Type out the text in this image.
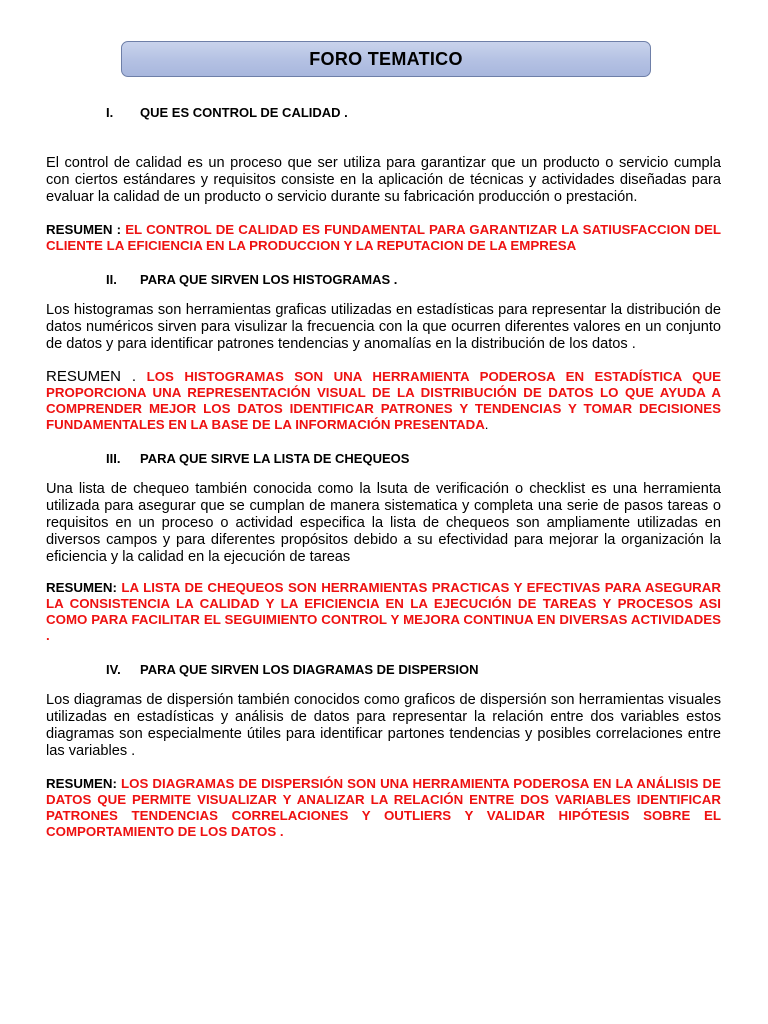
FORO TEMATICO
I.	QUE ES CONTROL DE CALIDAD .

El control de calidad es un proceso que ser utiliza para garantizar que un producto o servicio cumpla con ciertos estándares y requisitos consiste en la aplicación de técnicas y actividades diseñadas para evaluar la calidad de un producto o servicio durante su fabricación producción o prestación.

RESUMEN : EL CONTROL DE CALIDAD ES FUNDAMENTAL PARA GARANTIZAR LA SATIUSFACCION DEL CLIENTE LA EFICIENCIA EN LA PRODUCCION Y LA REPUTACION DE LA EMPRESA

II.	PARA QUE SIRVEN LOS HISTOGRAMAS .

Los histogramas son herramientas graficas utilizadas en estadísticas para representar la distribución de datos numéricos sirven para visulizar la frecuencia con la que ocurren diferentes valores en un conjunto de datos y para identificar patrones tendencias y anomalías en la distribución de los datos .

RESUMEN . LOS HISTOGRAMAS SON UNA HERRAMIENTA PODEROSA EN ESTADÍSTICA QUE PROPORCIONA UNA REPRESENTACIÓN VISUAL DE LA DISTRIBUCIÓN DE DATOS LO QUE AYUDA A COMPRENDER MEJOR LOS DATOS IDENTIFICAR PATRONES Y TENDENCIAS Y TOMAR DECISIONES FUNDAMENTALES EN LA BASE DE LA INFORMACIÓN PRESENTADA.

III.	PARA QUE SIRVE LA LISTA DE CHEQUEOS

Una lista de chequeo también conocida como la lsuta de verificación o checklist es una herramienta utilizada para asegurar que se cumplan de manera sistematica y completa una serie de pasos tareas o requisitos en un proceso o actividad especifica la lista de chequeos son ampliamente utilizadas en diversos campos y para diferentes propósitos debido a su efectividad para mejorar la organización la eficiencia y la calidad en la ejecución de tareas

RESUMEN: LA LISTA DE CHEQUEOS SON HERRAMIENTAS PRACTICAS Y EFECTIVAS PARA ASEGURAR LA CONSISTENCIA LA CALIDAD Y LA EFICIENCIA EN LA EJECUCIÓN DE TAREAS Y PROCESOS ASI COMO PARA FACILITAR EL SEGUIMIENTO CONTROL Y MEJORA CONTINUA EN DIVERSAS ACTIVIDADES .

IV.	PARA QUE SIRVEN LOS DIAGRAMAS DE DISPERSION

Los diagramas de dispersión también conocidos como graficos de dispersión son herramientas visuales utilizadas en estadísticas y análisis de datos para representar la relación entre dos variables estos diagramas son especialmente útiles para identificar partones tendencias y posibles correlaciones entre las variables .

RESUMEN: LOS DIAGRAMAS DE DISPERSIÓN SON UNA HERRAMIENTA PODEROSA EN LA ANÁLISIS DE DATOS QUE PERMITE VISUALIZAR Y ANALIZAR LA RELACIÓN ENTRE DOS VARIABLES IDENTIFICAR PATRONES TENDENCIAS CORRELACIONES Y OUTLIERS Y VALIDAR HIPÓTESIS SOBRE EL COMPORTAMIENTO DE LOS DATOS .
